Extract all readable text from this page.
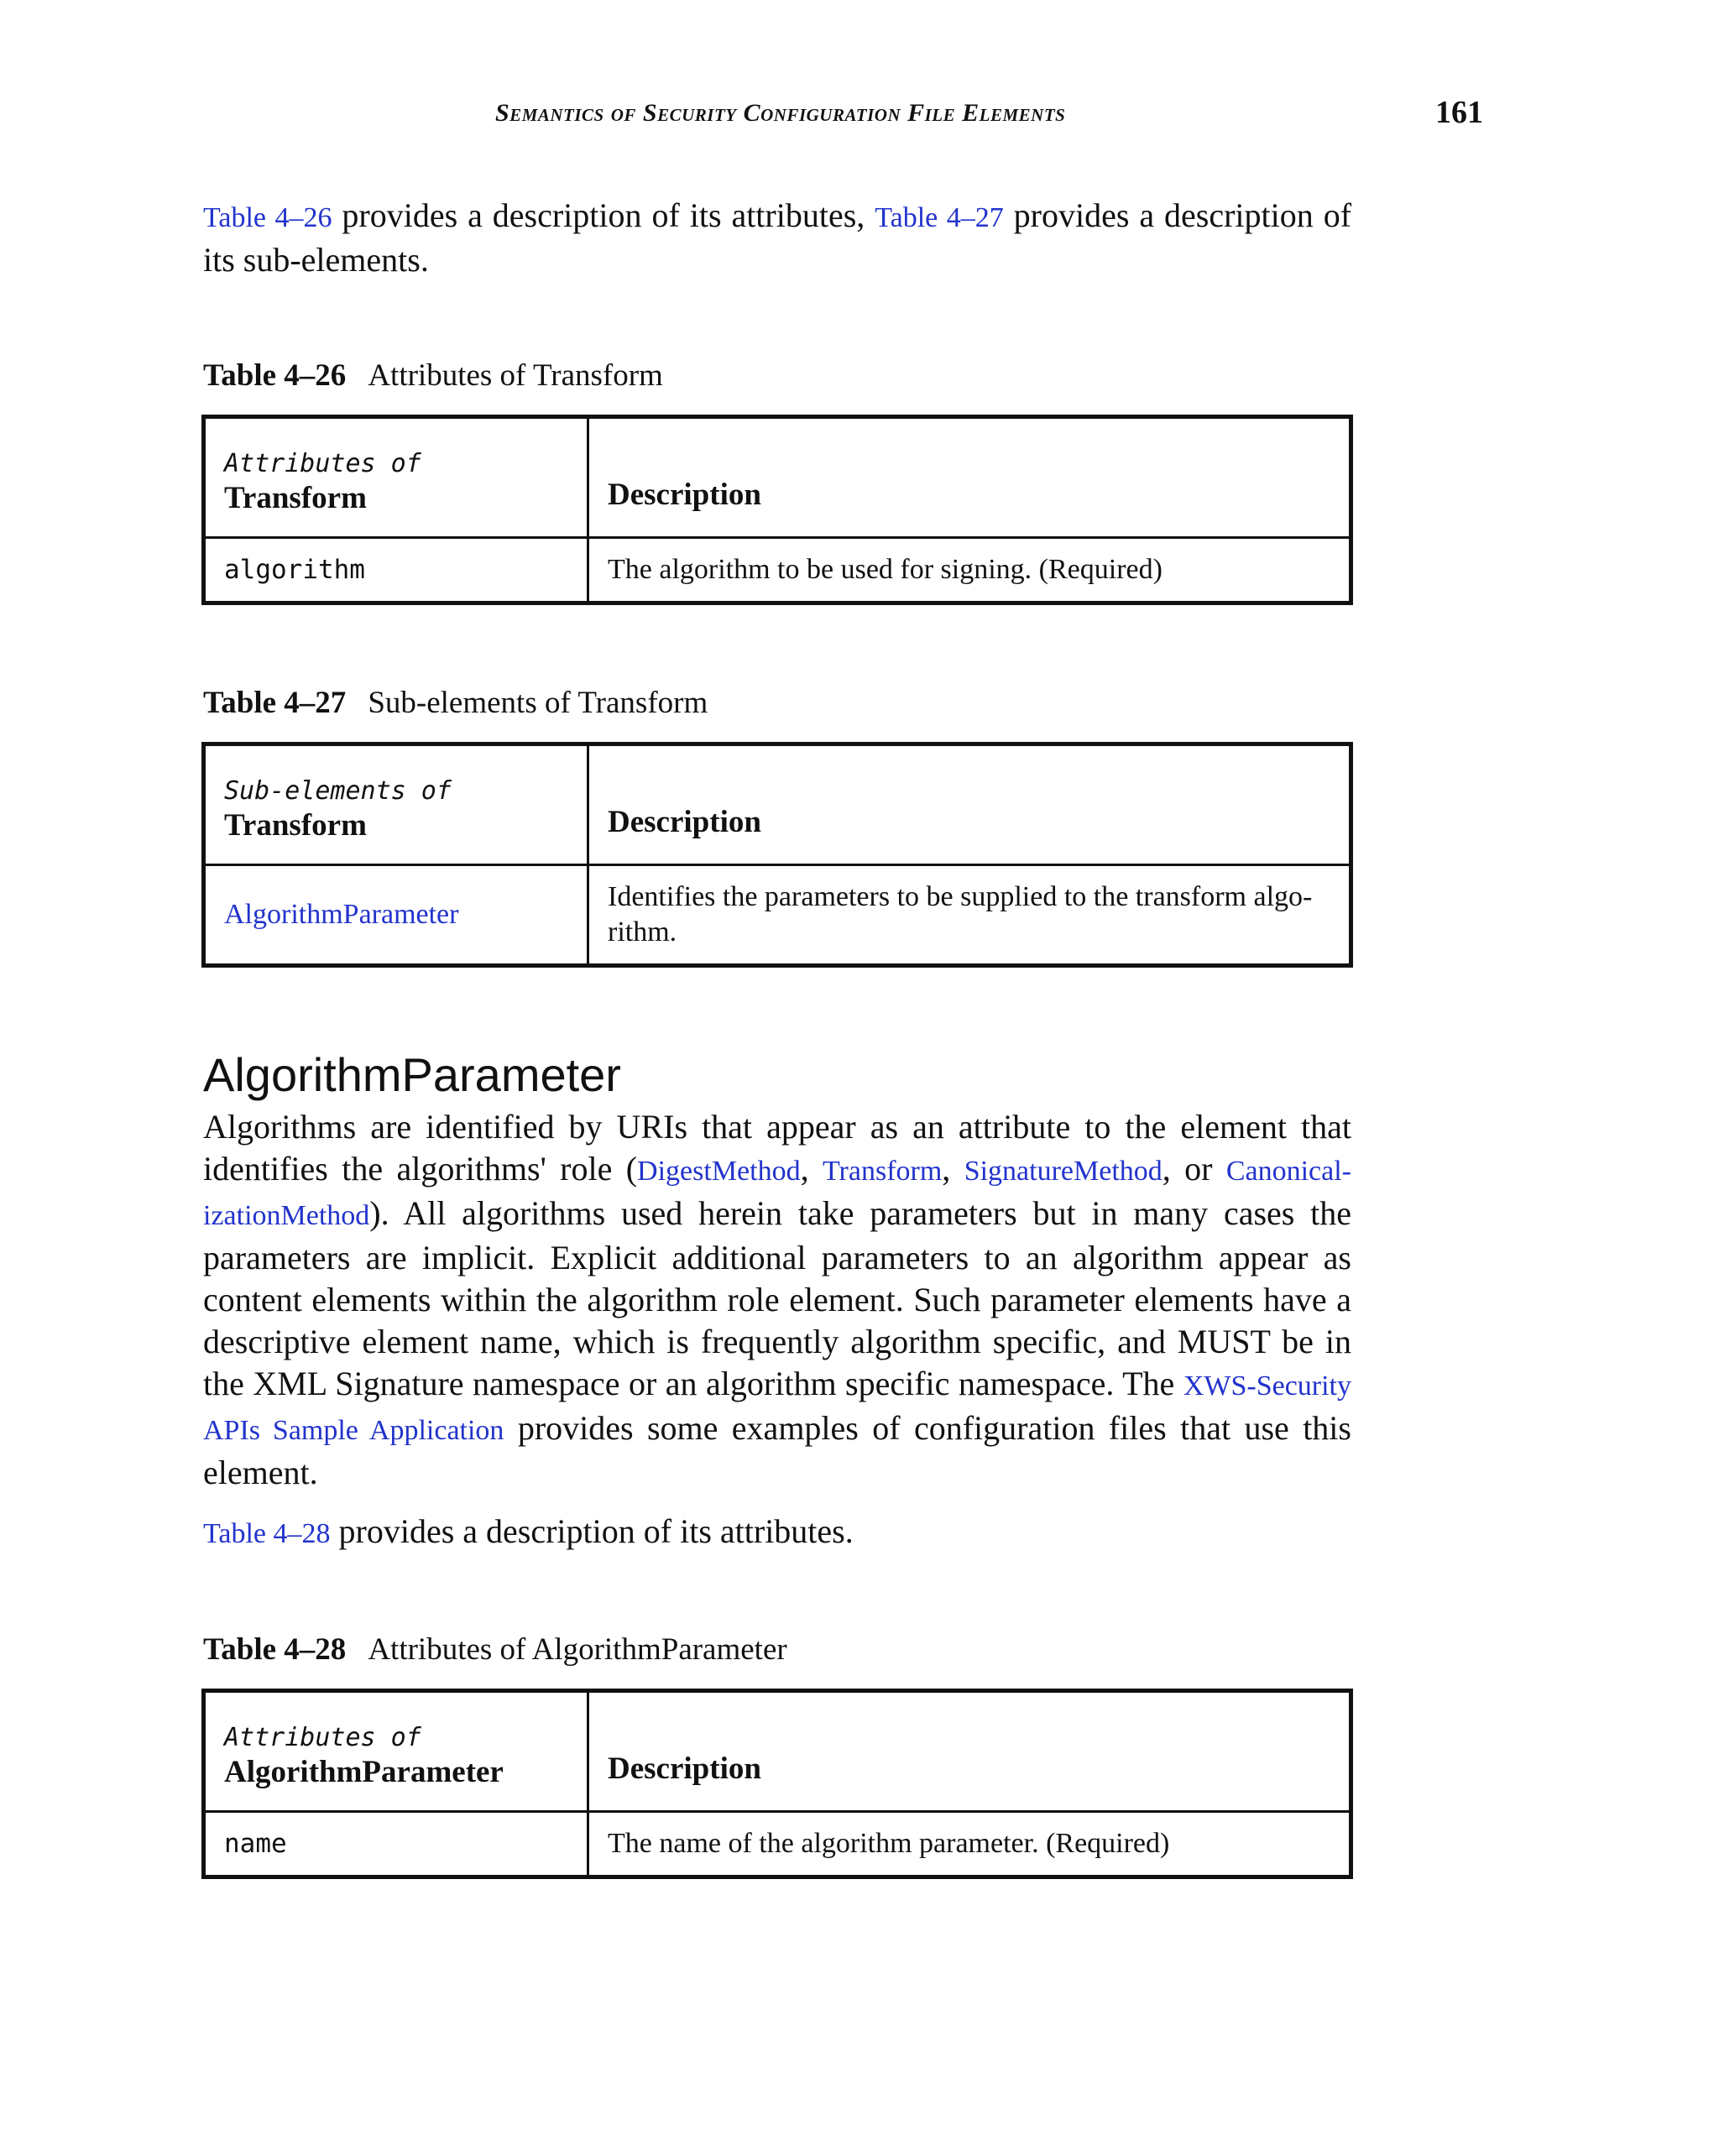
Semantics of Security Configuration File Elements	161

Table 4–26 provides a description of its attributes, Table 4–27 provides a description of its sub-elements.

Table 4–26 Attributes of Transform

Attributes of
Transform	Description

algorithm	The algorithm to be used for signing. (Required)

Table 4–27 Sub-elements of Transform

Sub-elements of
Transform	Description

AlgorithmParameter	Identifies the parameters to be supplied to the transform algo-rithm.
AlgorithmParameter

Algorithms are identified by URIs that appear as an attribute to the element that identifies the algorithms' role (DigestMethod, Transform, SignatureMethod, or Canonical-izationMethod). All algorithms used herein take parameters but in many cases the parameters are implicit. Explicit additional parameters to an algorithm appear as content elements within the algorithm role element. Such parameter elements have a descriptive element name, which is frequently algorithm specific, and MUST be in the XML Signature namespace or an algorithm specific namespace. The XWS-Security APIs Sample Application provides some examples of configuration files that use this element.

Table 4–28 provides a description of its attributes.

Table 4–28 Attributes of AlgorithmParameter

Attributes of
AlgorithmParameter	Description

name	The name of the algorithm parameter. (Required)
